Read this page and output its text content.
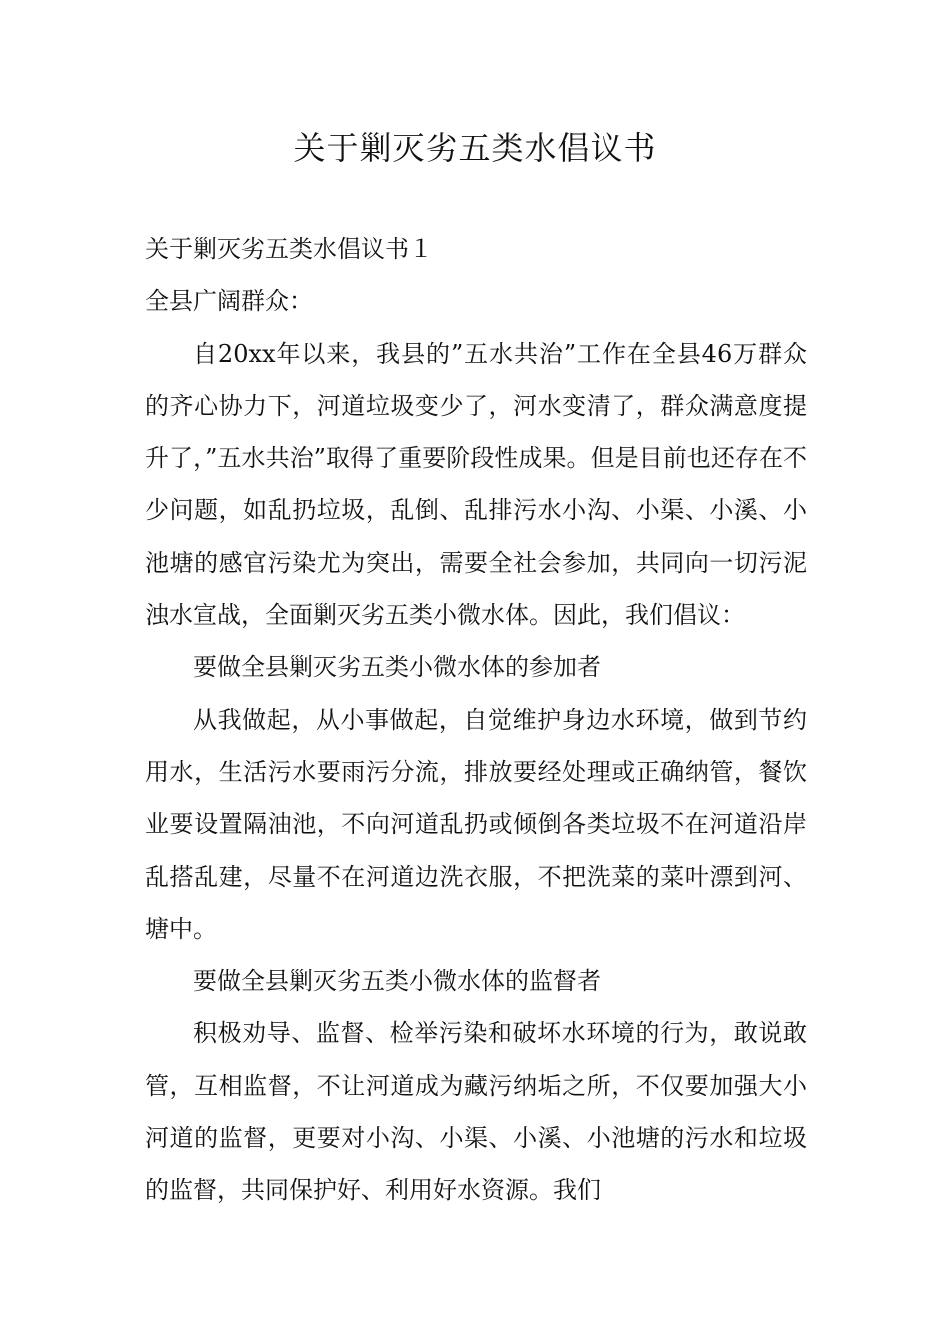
关于剿灭劣五类水倡议书

关于剿灭劣五类水倡议书１

全县广阔群众：

自20xx年以来，我县的”五水共治”工作在全县46万群众的齐心协力下，河道垃圾变少了，河水变清了，群众满意度提升了，”五水共治”取得了重要阶段性成果。但是目前也还存在不少问题，如乱扔垃圾，乱倒、乱排污水小沟、小渠、小溪、小池塘的感官污染尤为突出，需要全社会参加，共同向一切污泥浊水宣战，全面剿灭劣五类小微水体。因此，我们倡议：

要做全县剿灭劣五类小微水体的参加者

从我做起，从小事做起，自觉维护身边水环境，做到节约用水，生活污水要雨污分流，排放要经处理或正确纳管，餐饮业要设置隔油池，不向河道乱扔或倾倒各类垃圾不在河道沿岸乱搭乱建，尽量不在河道边洗衣服，不把洗菜的菜叶漂到河、塘中。

要做全县剿灭劣五类小微水体的监督者

积极劝导、监督、检举污染和破坏水环境的行为，敢说敢管，互相监督，不让河道成为藏污纳垢之所，不仅要加强大小河道的监督，更要对小沟、小渠、小溪、小池塘的污水和垃圾的监督，共同保护好、利用好水资源。我们
